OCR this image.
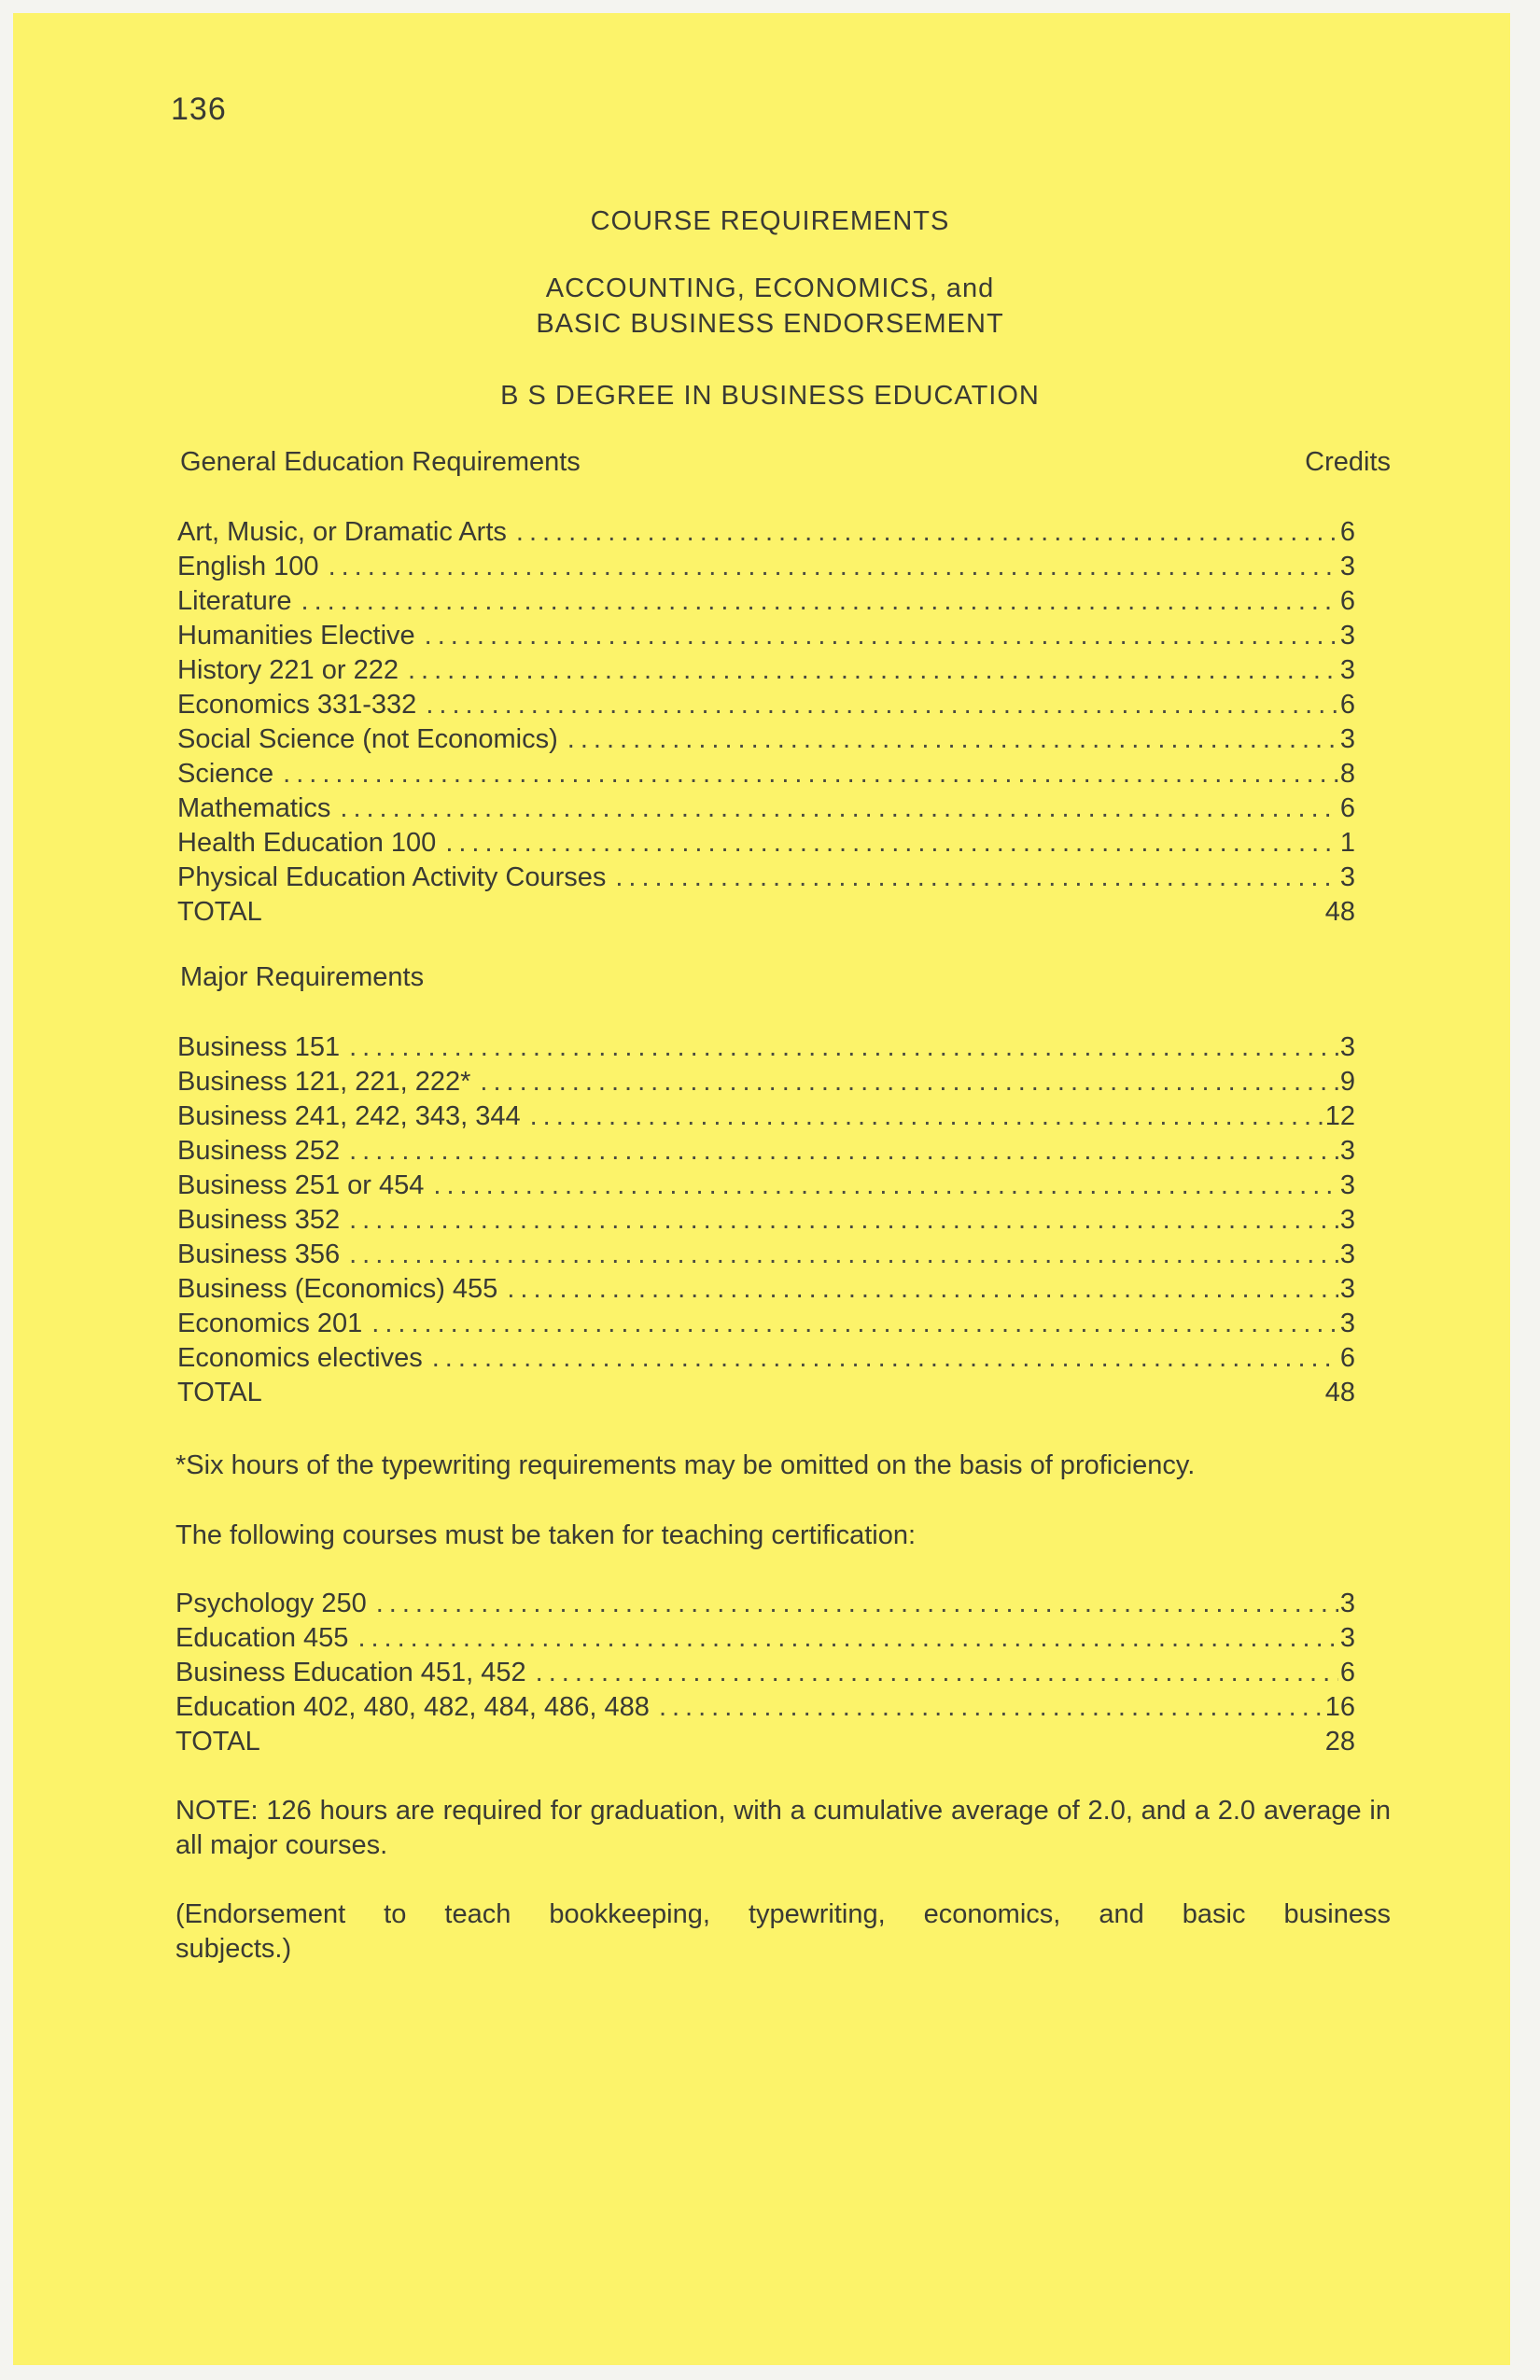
136
COURSE REQUIREMENTS
ACCOUNTING, ECONOMICS, and
BASIC BUSINESS ENDORSEMENT
B S DEGREE IN BUSINESS EDUCATION
General Education Requirements	Credits
Art, Music, or Dramatic Arts .....	6
English 100 .....	3
Literature .....	6
Humanities Elective .....	3
History 221 or 222 .....	3
Economics 331-332 .....	6
Social Science (not Economics) .....	3
Science .....	8
Mathematics .....	6
Health Education 100 .....	1
Physical Education Activity Courses .....	3
TOTAL	48
Major Requirements
Business 151 .....	3
Business 121, 221, 222* .....	9
Business 241, 242, 343, 344 .....	12
Business 252 .....	3
Business 251 or 454 .....	3
Business 352 .....	3
Business 356 .....	3
Business (Economics) 455 .....	3
Economics 201 .....	3
Economics electives .....	6
TOTAL	48
*Six hours of the typewriting requirements may be omitted on the basis of proficiency.
The following courses must be taken for teaching certification:
Psychology 250 .....	3
Education 455 .....	3
Business Education 451, 452 .....	6
Education 402, 480, 482, 484, 486, 488 .....	16
TOTAL	28
NOTE: 126 hours are required for graduation, with a cumulative average of 2.0, and a 2.0 average in all major courses.
(Endorsement to teach bookkeeping, typewriting, economics, and basic business
subjects.)
